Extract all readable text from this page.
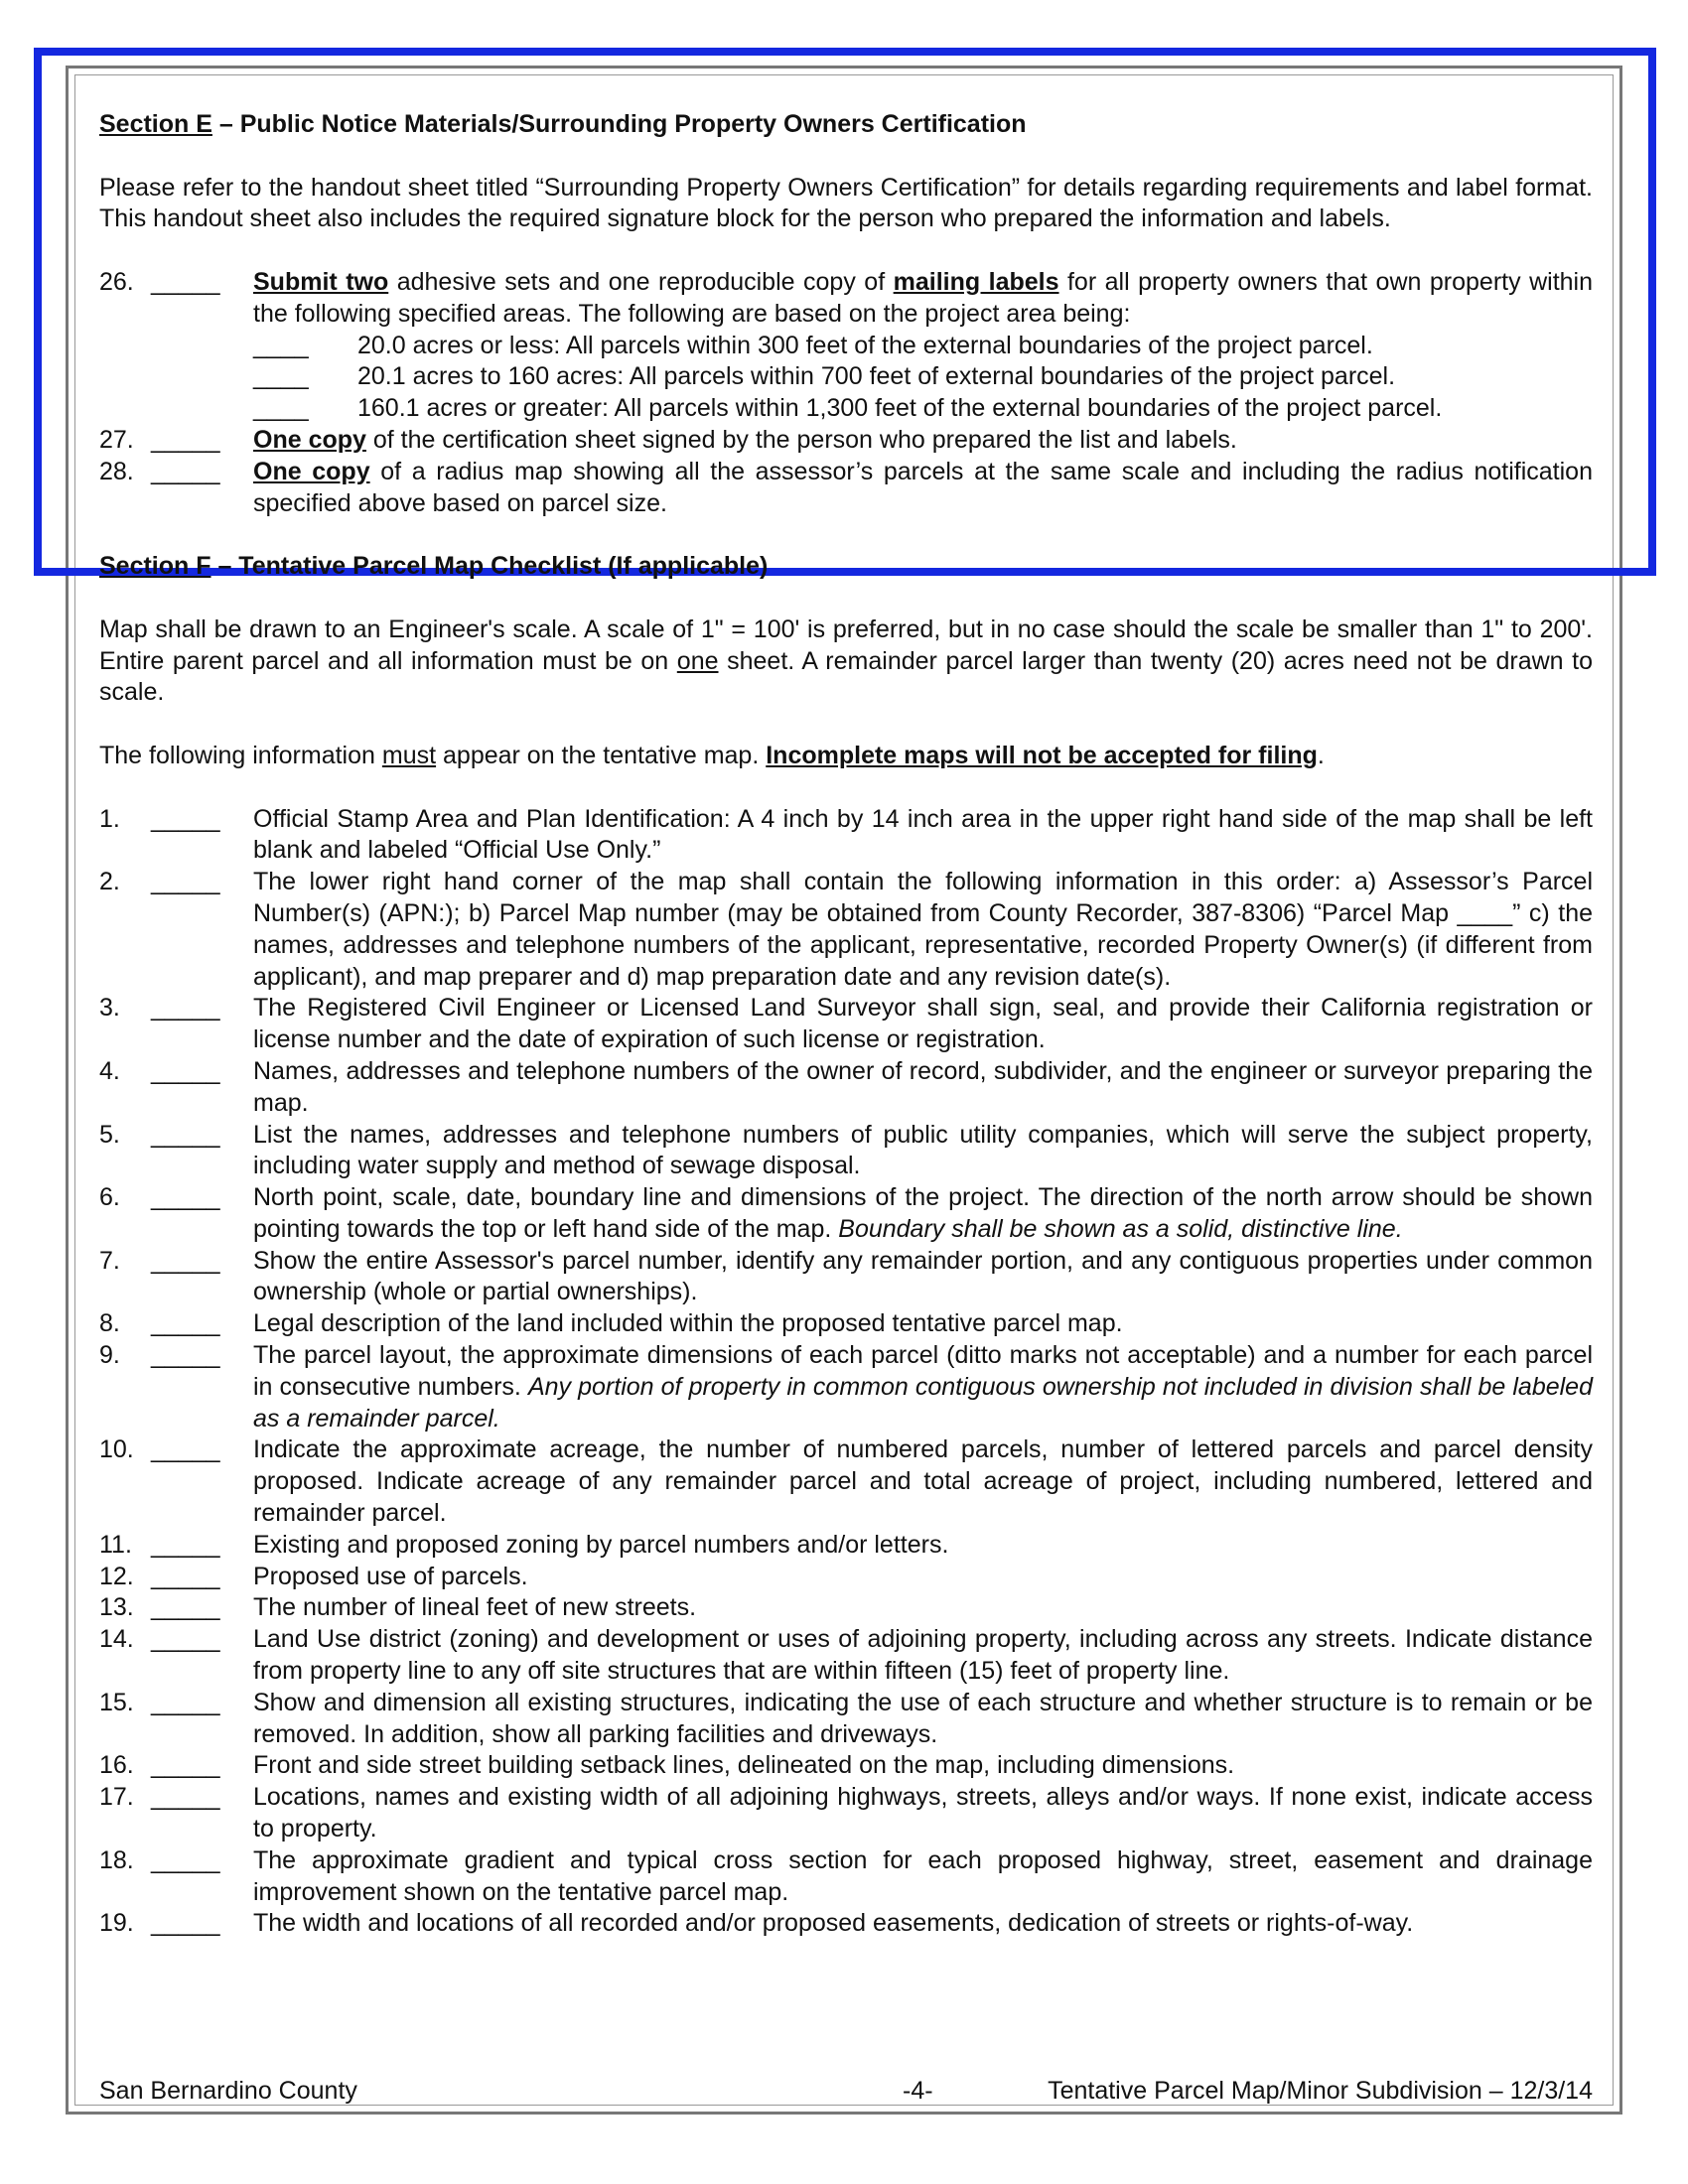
Section E – Public Notice Materials/Surrounding Property Owners Certification

Please refer to the handout sheet titled “Surrounding Property Owners Certification” for details regarding requirements and label format. This handout sheet also includes the required signature block for the person who prepared the information and labels.

26. _____ Submit two adhesive sets and one reproducible copy of mailing labels for all property owners that own property within the following specified areas. The following are based on the project area being:
____ 20.0 acres or less: All parcels within 300 feet of the external boundaries of the project parcel.
____ 20.1 acres to 160 acres: All parcels within 700 feet of external boundaries of the project parcel.
____ 160.1 acres or greater: All parcels within 1,300 feet of the external boundaries of the project parcel.
27. _____ One copy of the certification sheet signed by the person who prepared the list and labels.
28. _____ One copy of a radius map showing all the assessor’s parcels at the same scale and including the radius notification specified above based on parcel size.

Section F – Tentative Parcel Map Checklist (If applicable)

Map shall be drawn to an Engineer's scale. A scale of 1" = 100' is preferred, but in no case should the scale be smaller than 1" to 200'. Entire parent parcel and all information must be on one sheet. A remainder parcel larger than twenty (20) acres need not be drawn to scale.

The following information must appear on the tentative map. Incomplete maps will not be accepted for filing.

1.	_____ Official Stamp Area and Plan Identification: A 4 inch by 14 inch area in the upper right hand side of the map shall be left blank and labeled “Official Use Only.”
2.	_____ The lower right hand corner of the map shall contain the following information in this order: a) Assessor’s Parcel Number(s) (APN:); b) Parcel Map number (may be obtained from County Recorder, 387-8306) “Parcel Map ____” c) the names, addresses and telephone numbers of the applicant, representative, recorded Property Owner(s) (if different from applicant), and map preparer and d) map preparation date and any revision date(s).
3.	_____ The Registered Civil Engineer or Licensed Land Surveyor shall sign, seal, and provide their California registration or license number and the date of expiration of such license or registration.
4.	_____ Names, addresses and telephone numbers of the owner of record, subdivider, and the engineer or surveyor preparing the map.
5.	_____ List the names, addresses and telephone numbers of public utility companies, which will serve the subject property, including water supply and method of sewage disposal.
6.	_____ North point, scale, date, boundary line and dimensions of the project. The direction of the north arrow should be shown pointing towards the top or left hand side of the map. Boundary shall be shown as a solid, distinctive line.
7.	_____ Show the entire Assessor's parcel number, identify any remainder portion, and any contiguous properties under common ownership (whole or partial ownerships).
8.	_____ Legal description of the land included within the proposed tentative parcel map.
9.	_____ The parcel layout, the approximate dimensions of each parcel (ditto marks not acceptable) and a number for each parcel in consecutive numbers. Any portion of property in common contiguous ownership not included in division shall be labeled as a remainder parcel.
10. _____ Indicate the approximate acreage, the number of numbered parcels, number of lettered parcels and parcel density proposed. Indicate acreage of any remainder parcel and total acreage of project, including numbered, lettered and remainder parcel.
11. _____ Existing and proposed zoning by parcel numbers and/or letters.
12. _____ Proposed use of parcels.
13. _____ The number of lineal feet of new streets.
14. _____ Land Use district (zoning) and development or uses of adjoining property, including across any streets. Indicate distance from property line to any off site structures that are within fifteen (15) feet of property line.
15. _____ Show and dimension all existing structures, indicating the use of each structure and whether structure is to remain or be removed. In addition, show all parking facilities and driveways.
16. _____ Front and side street building setback lines, delineated on the map, including dimensions.
17. _____ Locations, names and existing width of all adjoining highways, streets, alleys and/or ways. If none exist, indicate access to property.
18. _____ The approximate gradient and typical cross section for each proposed highway, street, easement and drainage improvement shown on the tentative parcel map.
19. _____ The width and locations of all recorded and/or proposed easements, dedication of streets or rights-of-way.
San Bernardino County	-4-	Tentative Parcel Map/Minor Subdivision – 12/3/14
